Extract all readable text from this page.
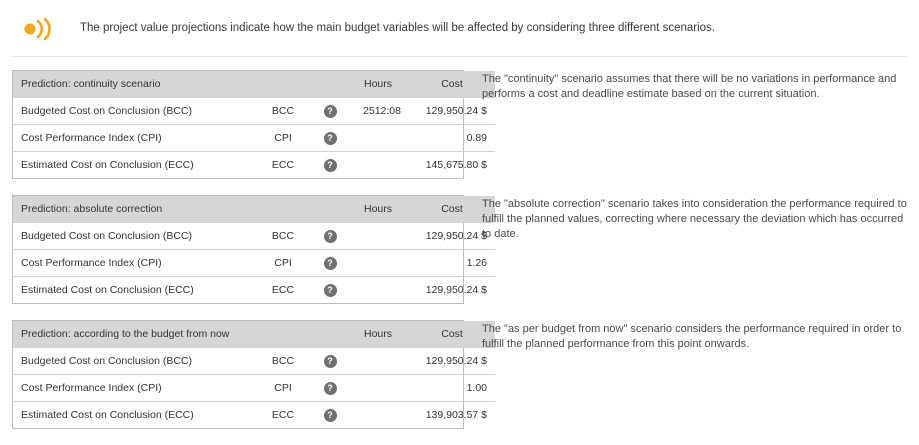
The project value projections indicate how the main budget variables will be affected by considering three different scenarios.
Prediction: continuity scenario			Hours	Cost
Budgeted Cost on Conclusion (BCC)	BCC	?	2512:08	129,950.24 $
Cost Performance Index (CPI)	CPI	?		0.89
Estimated Cost on Conclusion (ECC)	ECC	?		145,675.80 $
The "continuity" scenario assumes that there will be no variations in performance and performs a cost and deadline estimate based on the current situation.
Prediction: absolute correction			Hours	Cost
Budgeted Cost on Conclusion (BCC)	BCC	?		129,950.24 $
Cost Performance Index (CPI)	CPI	?		1.26
Estimated Cost on Conclusion (ECC)	ECC	?		129,950.24 $
The "absolute correction" scenario takes into consideration the performance required to fulfill the planned values, correcting where necessary the deviation which has occurred to date.
Prediction: according to the budget from now			Hours	Cost
Budgeted Cost on Conclusion (BCC)	BCC	?		129,950.24 $
Cost Performance Index (CPI)	CPI	?		1.00
Estimated Cost on Conclusion (ECC)	ECC	?		139,903.57 $
The "as per budget from now" scenario considers the performance required in order to fulfill the planned performance from this point onwards.
